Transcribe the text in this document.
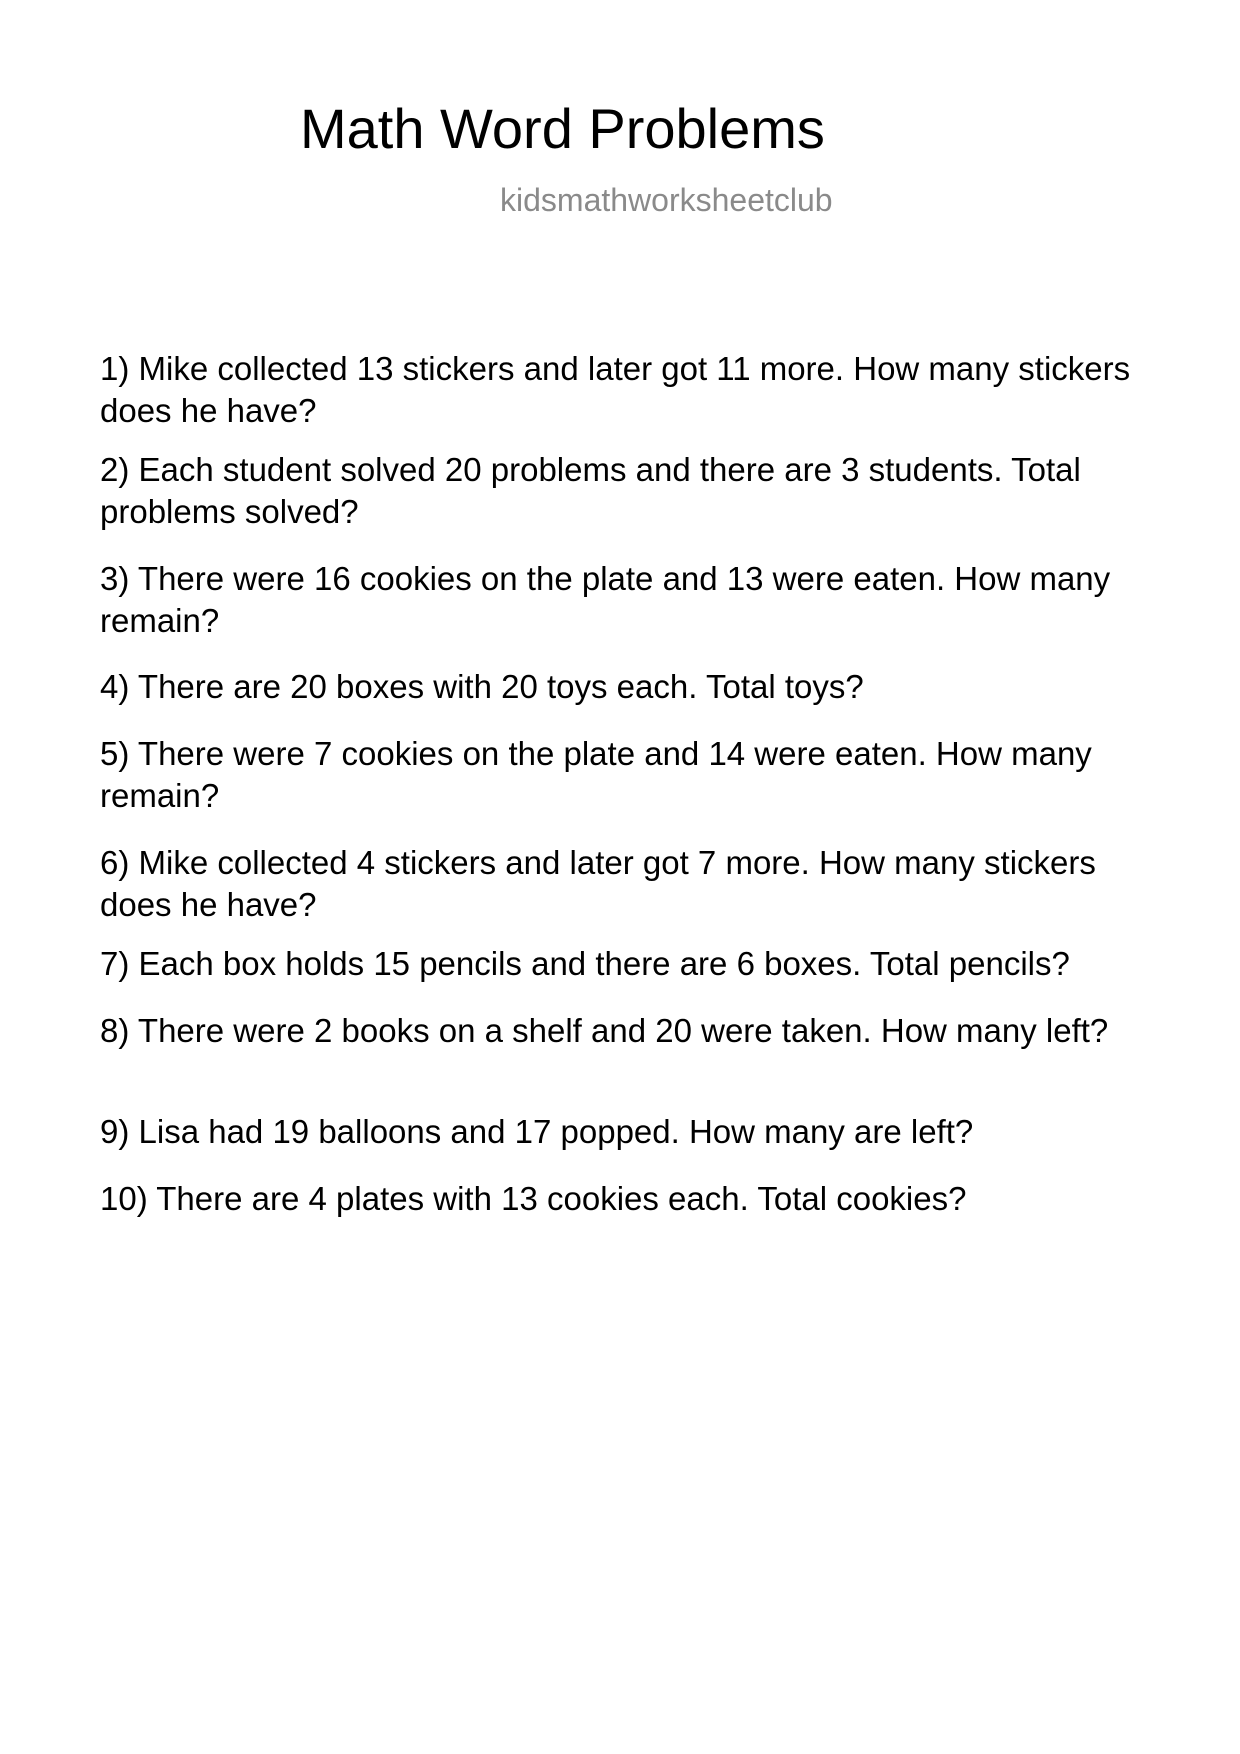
Math Word Problems
kidsmathworksheetclub
1) Mike collected 13 stickers and later got 11 more. How many stickers does he have?
2) Each student solved 20 problems and there are 3 students. Total problems solved?
3) There were 16 cookies on the plate and 13 were eaten. How many remain?
4) There are 20 boxes with 20 toys each. Total toys?
5) There were 7 cookies on the plate and 14 were eaten. How many remain?
6) Mike collected 4 stickers and later got 7 more. How many stickers does he have?
7) Each box holds 15 pencils and there are 6 boxes. Total pencils?
8) There were 2 books on a shelf and 20 were taken. How many left?
9) Lisa had 19 balloons and 17 popped. How many are left?
10) There are 4 plates with 13 cookies each. Total cookies?
